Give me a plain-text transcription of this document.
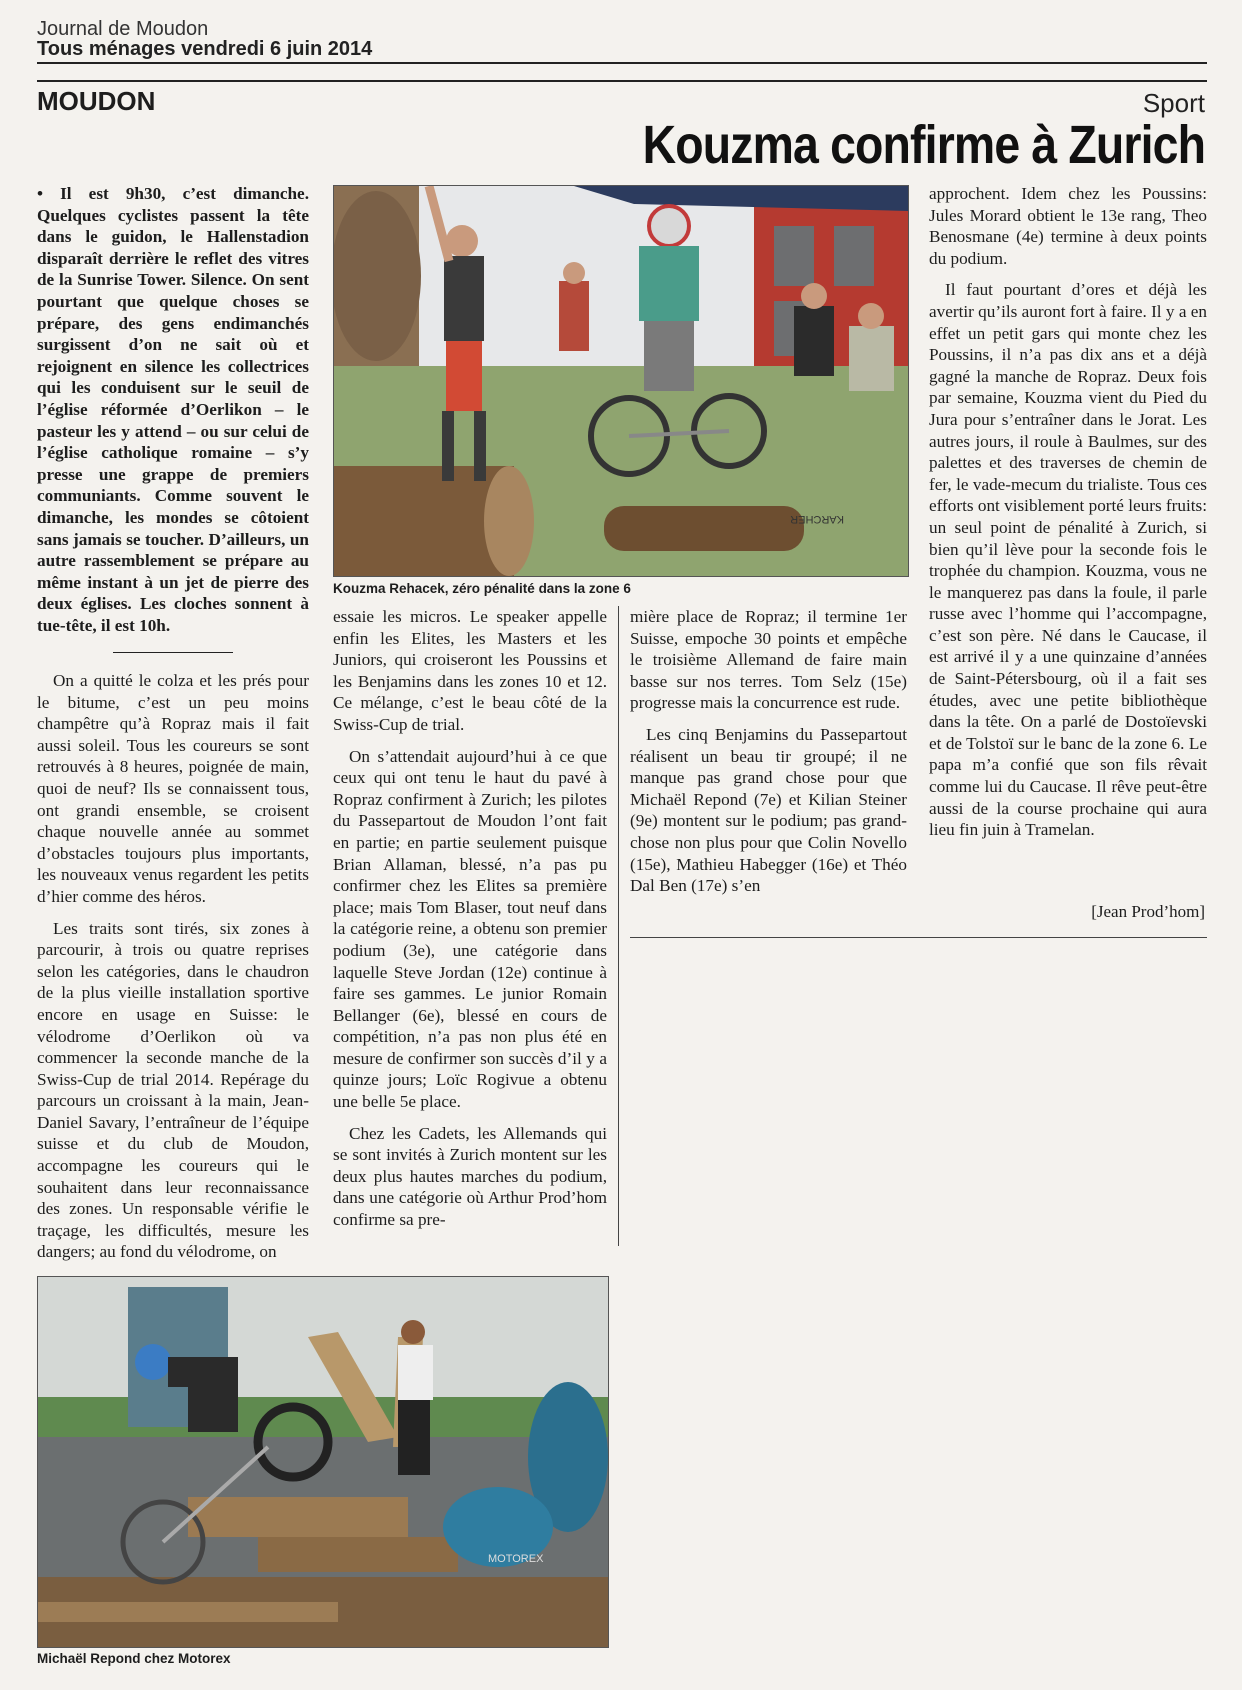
Journal de Moudon
Tous ménages vendredi 6 juin 2014
MOUDON	Sport
Kouzma confirme à Zurich

• Il est 9h30, c’est dimanche. Quelques cyclistes passent la tête dans le guidon, le Hallenstadion disparaît derrière le reflet des vitres de la Sunrise Tower. Silence. On sent pourtant que quelque choses se prépare, des gens endimanchés surgissent d’on ne sait où et rejoignent en silence les collectrices qui les conduisent sur le seuil de l’église réformée d’Oerlikon – le pasteur les y attend – ou sur celui de l’église catholique romaine – s’y presse une grappe de premiers communiants. Comme souvent le dimanche, les mondes se côtoient sans jamais se toucher. D’ailleurs, un autre rassemblement se prépare au même instant à un jet de pierre des deux églises. Les cloches sonnent à tue-tête, il est 10h.

On a quitté le colza et les prés pour le bitume, c’est un peu moins champêtre qu’à Ropraz mais il fait aussi soleil. Tous les coureurs se sont retrouvés à 8 heures, poignée de main, quoi de neuf? Ils se connaissent tous, ont grandi ensemble, se croisent chaque nouvelle année au sommet d’obstacles toujours plus importants, les nouveaux venus regardent les petits d’hier comme des héros.

Les traits sont tirés, six zones à parcourir, à trois ou quatre reprises selon les catégories, dans le chaudron de la plus vieille installation sportive encore en usage en Suisse: le vélodrome d’Oerlikon où va commencer la seconde manche de la Swiss-Cup de trial 2014. Repérage du parcours un croissant à la main, Jean-Daniel Savary, l’entraîneur de l’équipe suisse et du club de Moudon, accompagne les coureurs qui le souhaitent dans leur reconnaissance des zones. Un responsable vérifie le traçage, les difficultés, mesure les dangers; au fond du vélodrome, on

KARCHER
Kouzma Rehacek, zéro pénalité dans la zone 6

essaie les micros. Le speaker appelle enfin les Elites, les Masters et les Juniors, qui croiseront les Poussins et les Benjamins dans les zones 10 et 12. Ce mélange, c’est le beau côté de la Swiss-Cup de trial.

On s’attendait aujourd’hui à ce que ceux qui ont tenu le haut du pavé à Ropraz confirment à Zurich; les pilotes du Passepartout de Moudon l’ont fait en partie; en partie seulement puisque Brian Allaman, blessé, n’a pas pu confirmer chez les Elites sa première place; mais Tom Blaser, tout neuf dans la catégorie reine, a obtenu son premier podium (3e), une catégorie dans laquelle Steve Jordan (12e) continue à faire ses gammes. Le junior Romain Bellanger (6e), blessé en cours de compétition, n’a pas non plus été en mesure de confirmer son succès d’il y a quinze jours; Loïc Rogivue a obtenu une belle 5e place.

Chez les Cadets, les Allemands qui se sont invités à Zurich montent sur les deux plus hautes marches du podium, dans une catégorie où Arthur Prod’hom confirme sa pre-

mière place de Ropraz; il termine 1er Suisse, empoche 30 points et empêche le troisième Allemand de faire main basse sur nos terres. Tom Selz (15e) progresse mais la concurrence est rude.

Les cinq Benjamins du Passepartout réalisent un beau tir groupé; il ne manque pas grand chose pour que Michaël Repond (7e) et Kilian Steiner (9e) montent sur le podium; pas grand-chose non plus pour que Colin Novello (15e), Mathieu Habegger (16e) et Théo Dal Ben (17e) s’en

approchent. Idem chez les Poussins: Jules Morard obtient le 13e rang, Theo Benosmane (4e) termine à deux points du podium.

Il faut pourtant d’ores et déjà les avertir qu’ils auront fort à faire. Il y a en effet un petit gars qui monte chez les Poussins, il n’a pas dix ans et a déjà gagné la manche de Ropraz. Deux fois par semaine, Kouzma vient du Pied du Jura pour s’entraîner dans le Jorat. Les autres jours, il roule à Baulmes, sur des palettes et des traverses de chemin de fer, le vade-mecum du trialiste. Tous ces efforts ont visiblement porté leurs fruits: un seul point de pénalité à Zurich, si bien qu’il lève pour la seconde fois le trophée du champion. Kouzma, vous ne le manquerez pas dans la foule, il parle russe avec l’homme qui l’accompagne, c’est son père. Né dans le Caucase, il est arrivé il y a une quinzaine d’années de Saint-Pétersbourg, où il a fait ses études, avec une petite bibliothèque dans la tête. On a parlé de Dostoïevski et de Tolstoï sur le banc de la zone 6. Le papa m’a confié que son fils rêvait comme lui du Caucase. Il rêve peut-être aussi de la course prochaine qui aura lieu fin juin à Tramelan.

[Jean Prod’hom]
MOTOREX
Michaël Repond chez Motorex
